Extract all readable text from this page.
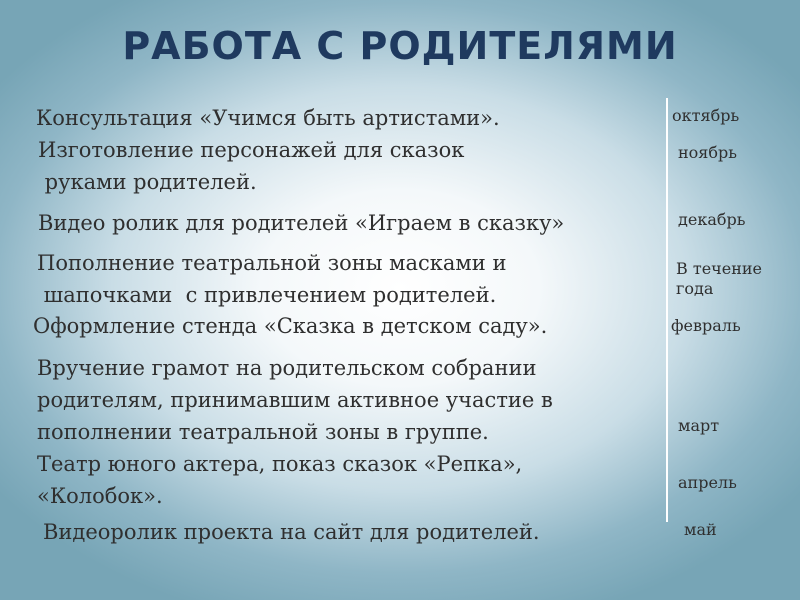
РАБОТА С РОДИТЕЛЯМИ
Консультация «Учимся быть артистами».
Изготовление персонажей для сказок
руками родителей.
Видео ролик для родителей «Играем в сказку»
Пополнение театральной зоны масками и
шапочками  с привлечением родителей.
Оформление стенда «Сказка в детском саду».
Вручение грамот на родительском собрании
родителям, принимавшим активное участие в
пополнении театральной зоны в группе.
Театр юного актера, показ сказок «Репка»,
«Колобок».
Видеоролик проекта на сайт для родителей.
октябрь
ноябрь
декабрь
В течение
года
февраль
март
апрель
май
